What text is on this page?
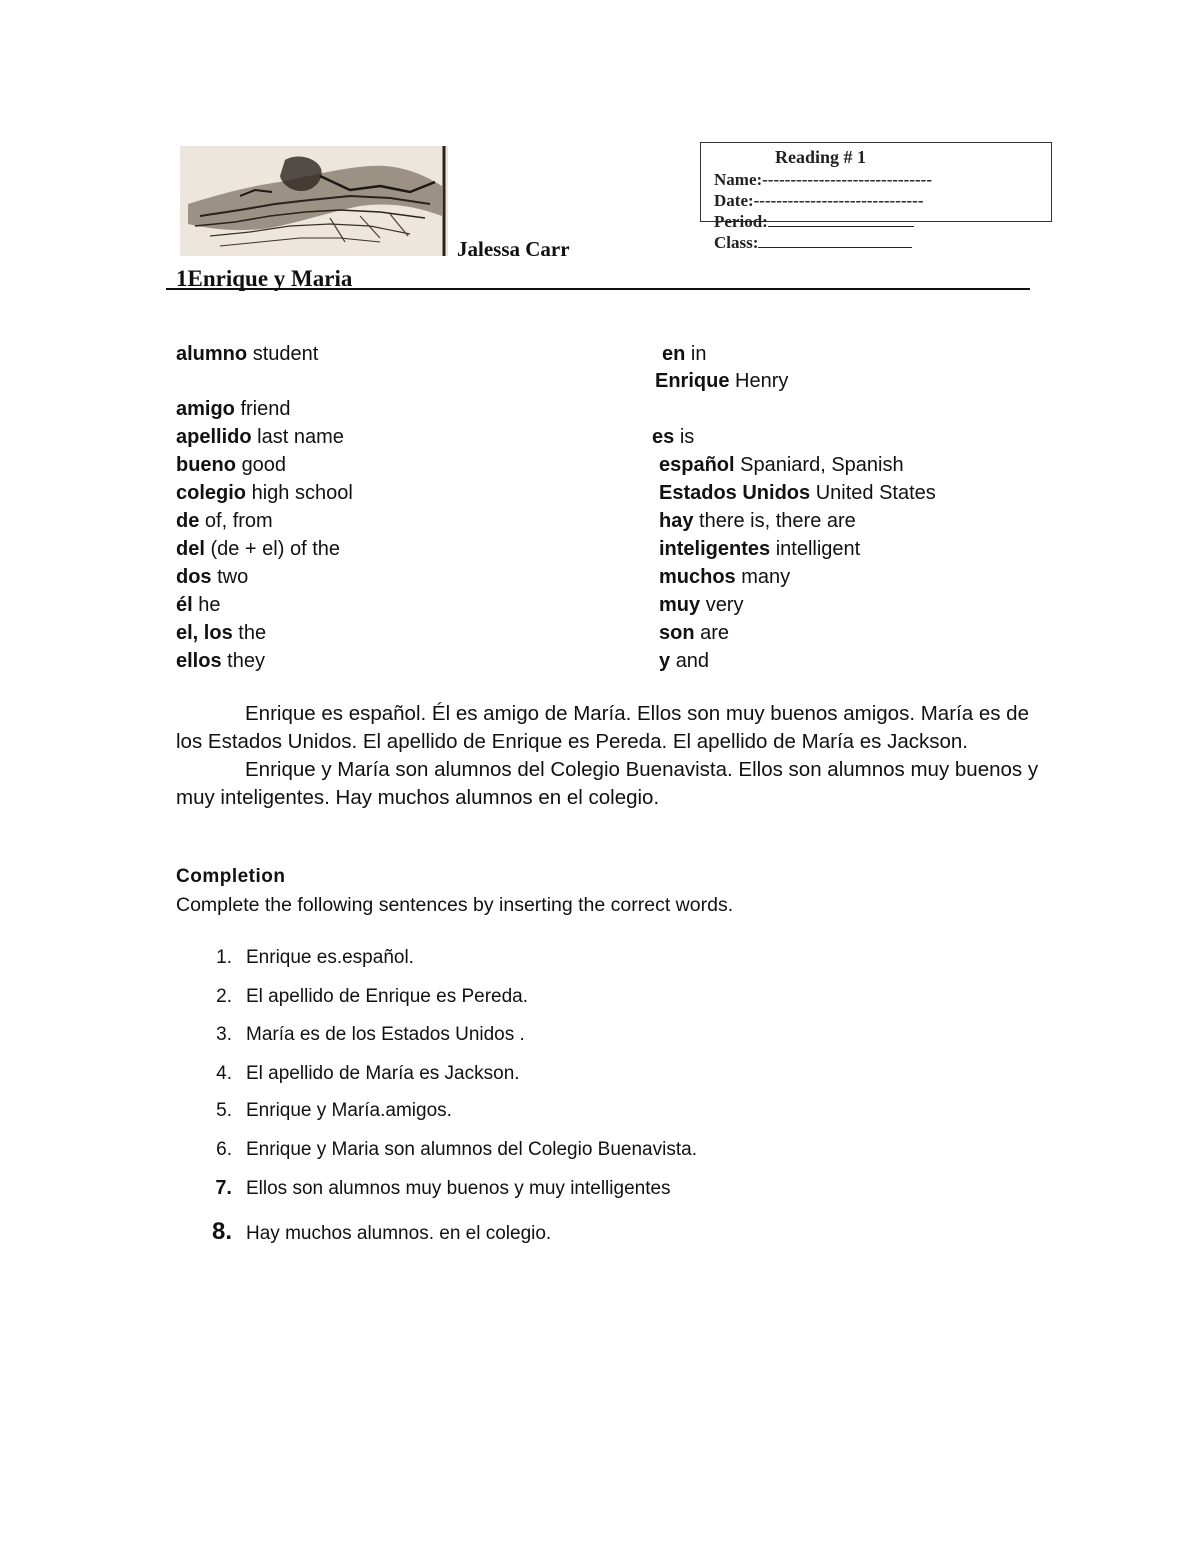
Jalessa Carr
Reading # 1
Name:------------------------------
Date:------------------------------
Period:
Class:
1Enrique y Maria
alumno student
amigo friend
apellido last name
bueno good
colegio high school
de of, from
del (de + el) of the
dos two
él he
el, los the
ellos they
en in
Enrique Henry
es is
español Spaniard, Spanish
Estados Unidos United States
hay there is, there are
inteligentes intelligent
muchos many
muy very
son are
y and

Enrique es español. Él es amigo de María. Ellos son muy buenos amigos. María es de los Estados Unidos. El apellido de Enrique es Pereda. El apellido de María es Jackson.

Enrique y María son alumnos del Colegio Buenavista. Ellos son alumnos muy buenos y muy inteligentes. Hay muchos alumnos en el colegio.

Completion
Complete the following sentences by inserting the correct words.
1. Enrique es.español.
2. El apellido de Enrique es Pereda.
3. María es de los Estados Unidos .
4. El apellido de María es Jackson.
5. Enrique y María.amigos.
6. Enrique y Maria son alumnos del Colegio Buenavista.
7. Ellos son alumnos muy buenos y muy intelligentes
8. Hay muchos alumnos. en el colegio.
